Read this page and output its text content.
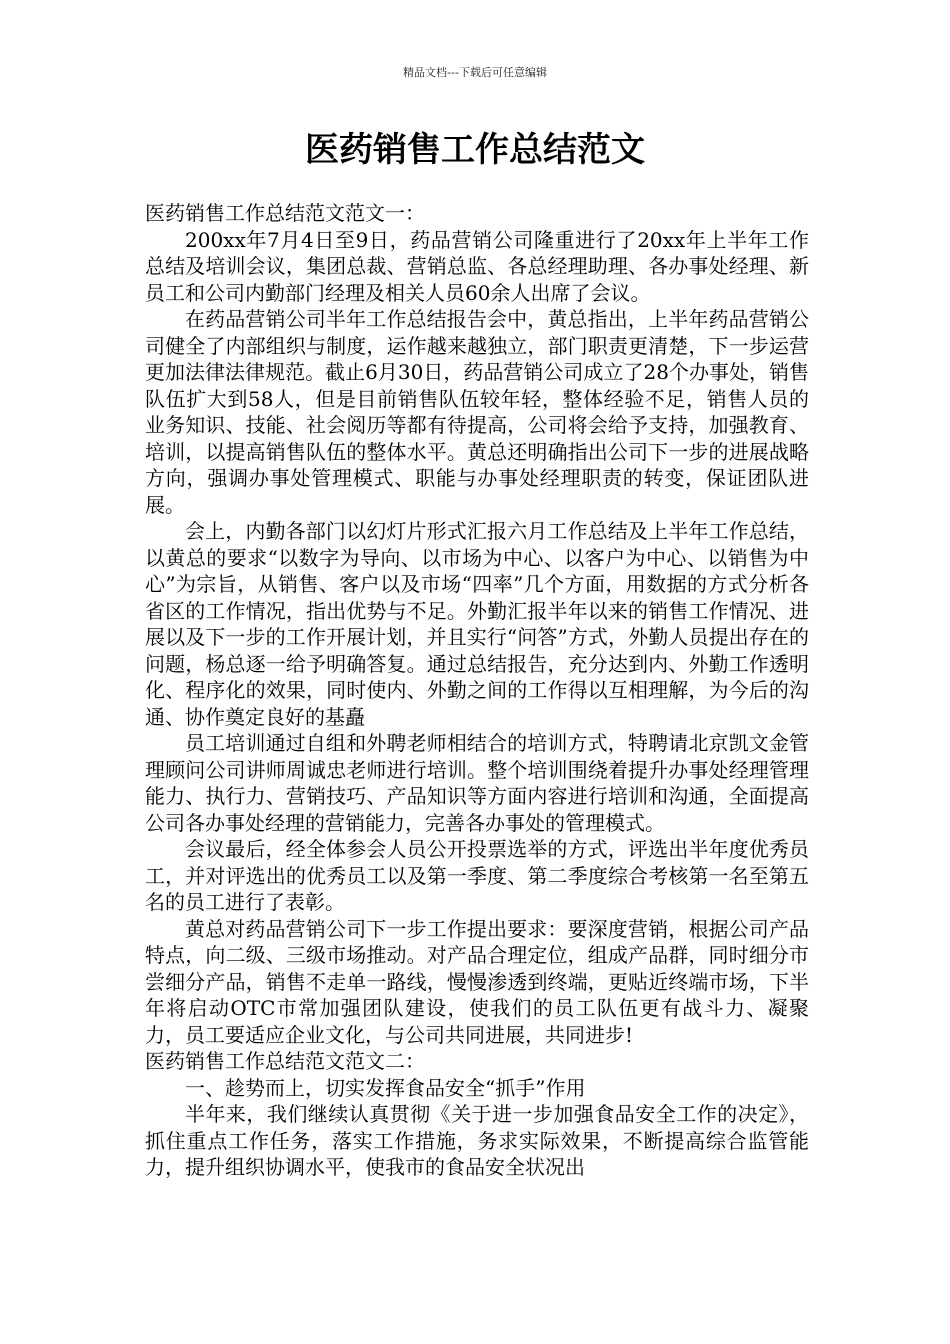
精品文档---下载后可任意编辑
医药销售工作总结范文

医药销售工作总结范文范文一：

200xx年7月4日至9日，药品营销公司隆重进行了20xx年上半年工作总结及培训会议，集团总裁、营销总监、各总经理助理、各办事处经理、新员工和公司内勤部门经理及相关人员60余人出席了会议。

在药品营销公司半年工作总结报告会中，黄总指出，上半年药品营销公司健全了内部组织与制度，运作越来越独立，部门职责更清楚，下一步运营更加法律法律规范。截止6月30日，药品营销公司成立了28个办事处，销售队伍扩大到58人，但是目前销售队伍较年轻，整体经验不足，销售人员的业务知识、技能、社会阅历等都有待提高，公司将会给予支持，加强教育、培训，以提高销售队伍的整体水平。黄总还明确指出公司下一步的进展战略方向，强调办事处管理模式、职能与办事处经理职责的转变，保证团队进展。

会上，内勤各部门以幻灯片形式汇报六月工作总结及上半年工作总结，以黄总的要求“以数字为导向、以市场为中心、以客户为中心、以销售为中心”为宗旨，从销售、客户以及市场“四率”几个方面，用数据的方式分析各省区的工作情况，指出优势与不足。外勤汇报半年以来的销售工作情况、进展以及下一步的工作开展计划，并且实行“问答”方式，外勤人员提出存在的问题，杨总逐一给予明确答复。通过总结报告，充分达到内、外勤工作透明化、程序化的效果，同时使内、外勤之间的工作得以互相理解，为今后的沟通、协作奠定良好的基矗

员工培训通过自组和外聘老师相结合的培训方式，特聘请北京凯文金管理顾问公司讲师周诚忠老师进行培训。整个培训围绕着提升办事处经理管理能力、执行力、营销技巧、产品知识等方面内容进行培训和沟通，全面提高公司各办事处经理的营销能力，完善各办事处的管理模式。

会议最后，经全体参会人员公开投票选举的方式，评选出半年度优秀员工，并对评选出的优秀员工以及第一季度、第二季度综合考核第一名至第五名的员工进行了表彰。

黄总对药品营销公司下一步工作提出要求：要深度营销，根据公司产品特点，向二级、三级市场推动。对产品合理定位，组成产品群，同时细分市尝细分产品，销售不走单一路线，慢慢渗透到终端，更贴近终端市场，下半年将启动OTC市常加强团队建设，使我们的员工队伍更有战斗力、凝聚力，员工要适应企业文化，与公司共同进展，共同进步!

医药销售工作总结范文范文二：

一、趁势而上，切实发挥食品安全“抓手”作用

半年来，我们继续认真贯彻《关于进一步加强食品安全工作的决定》，抓住重点工作任务，落实工作措施，务求实际效果，不断提高综合监管能力，提升组织协调水平，使我市的食品安全状况出
